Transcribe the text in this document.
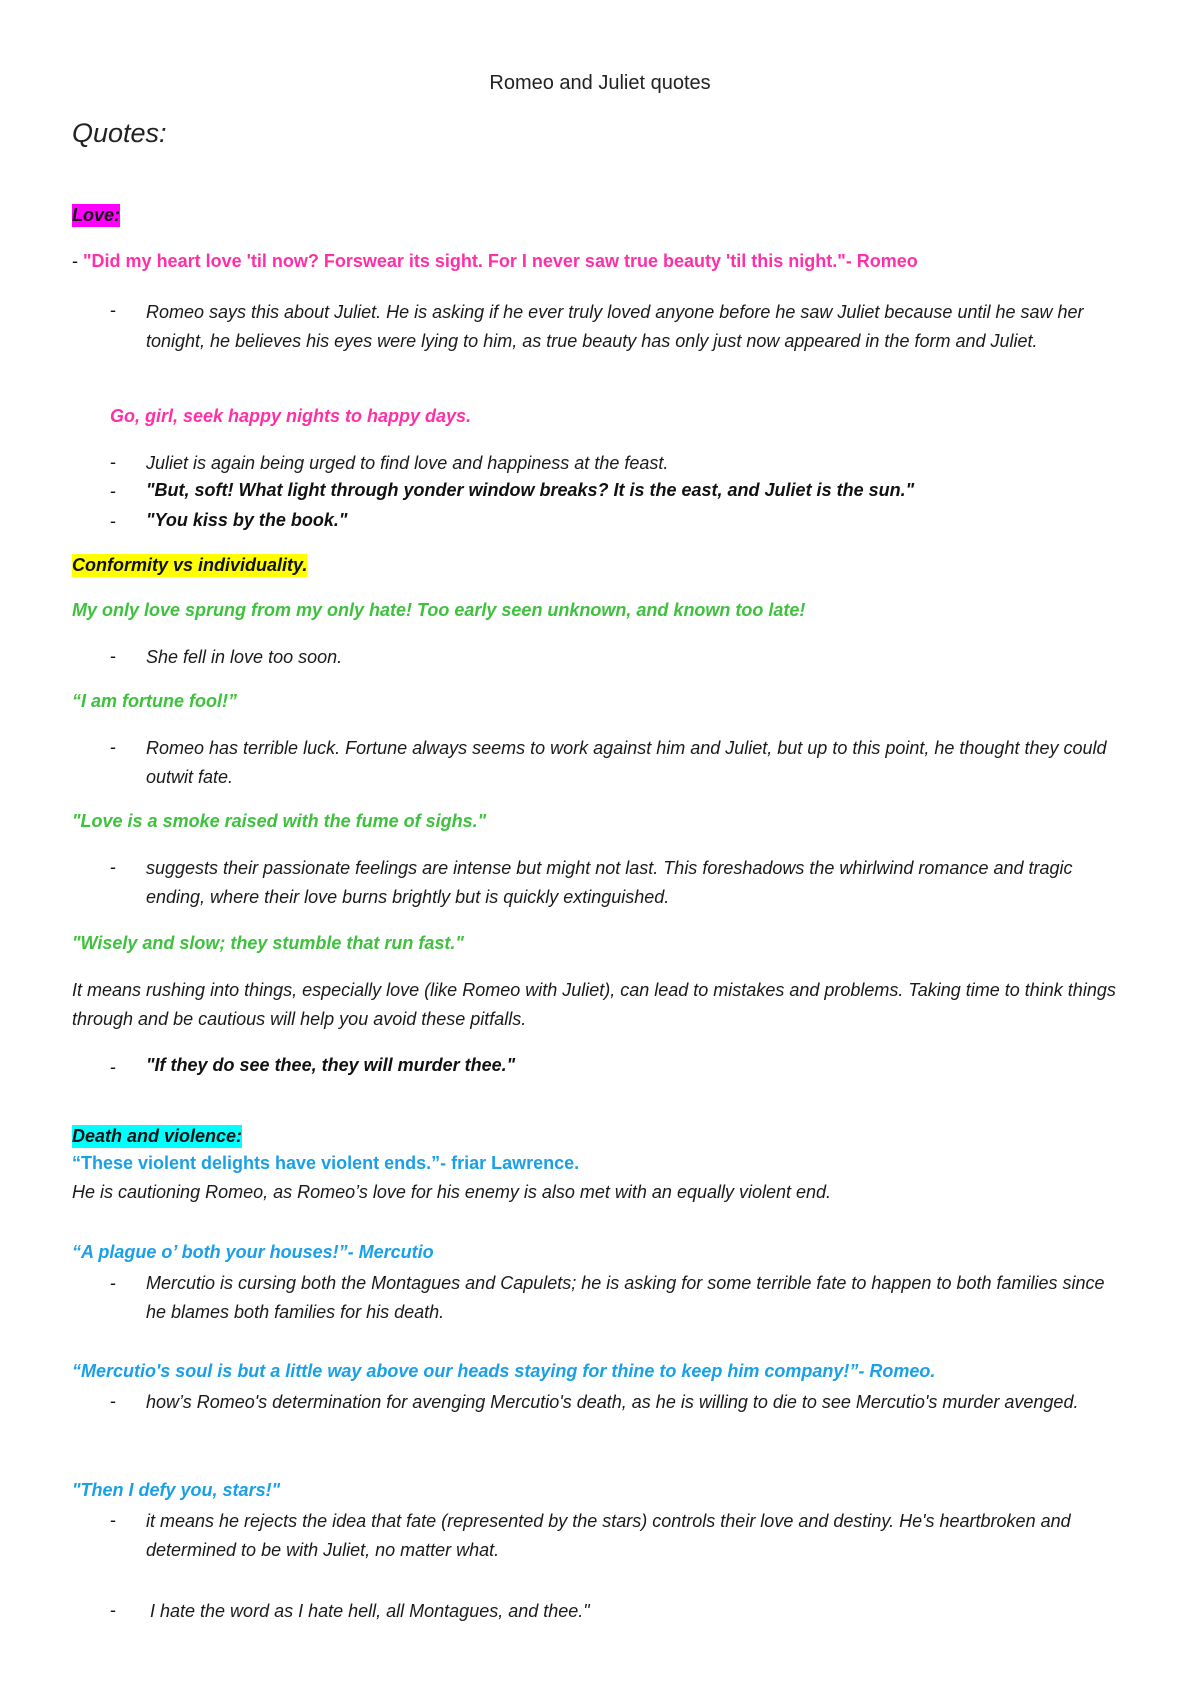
Romeo and Juliet quotes
Quotes:
Love:
- "Did my heart love 'til now? Forswear its sight. For I never saw true beauty 'til this night."- Romeo
- Romeo says this about Juliet. He is asking if he ever truly loved anyone before he saw Juliet because until he saw her tonight, he believes his eyes were lying to him, as true beauty has only just now appeared in the form and Juliet.
Go, girl, seek happy nights to happy days.
- Juliet is again being urged to find love and happiness at the feast.
- "But, soft! What light through yonder window breaks? It is the east, and Juliet is the sun."
- "You kiss by the book."
Conformity vs individuality.
My only love sprung from my only hate! Too early seen unknown, and known too late!
- She fell in love too soon.
“I am fortune fool!”
- Romeo has terrible luck. Fortune always seems to work against him and Juliet, but up to this point, he thought they could outwit fate.
"Love is a smoke raised with the fume of sighs."
- suggests their passionate feelings are intense but might not last. This foreshadows the whirlwind romance and tragic ending, where their love burns brightly but is quickly extinguished.
"Wisely and slow; they stumble that run fast."
It means rushing into things, especially love (like Romeo with Juliet), can lead to mistakes and problems. Taking time to think things through and be cautious will help you avoid these pitfalls.
- "If they do see thee, they will murder thee."
Death and violence:
“These violent delights have violent ends.”- friar Lawrence.
He is cautioning Romeo, as Romeo’s love for his enemy is also met with an equally violent end.
“A plague o’ both your houses!”- Mercutio
- Mercutio is cursing both the Montagues and Capulets; he is asking for some terrible fate to happen to both families since he blames both families for his death.
“Mercutio's soul is but a little way above our heads staying for thine to keep him company!”- Romeo.
- how’s Romeo's determination for avenging Mercutio's death, as he is willing to die to see Mercutio's murder avenged.
"Then I defy you, stars!"
- it means he rejects the idea that fate (represented by the stars) controls their love and destiny. He's heartbroken and determined to be with Juliet, no matter what.
- I hate the word as I hate hell, all Montagues, and thee."
